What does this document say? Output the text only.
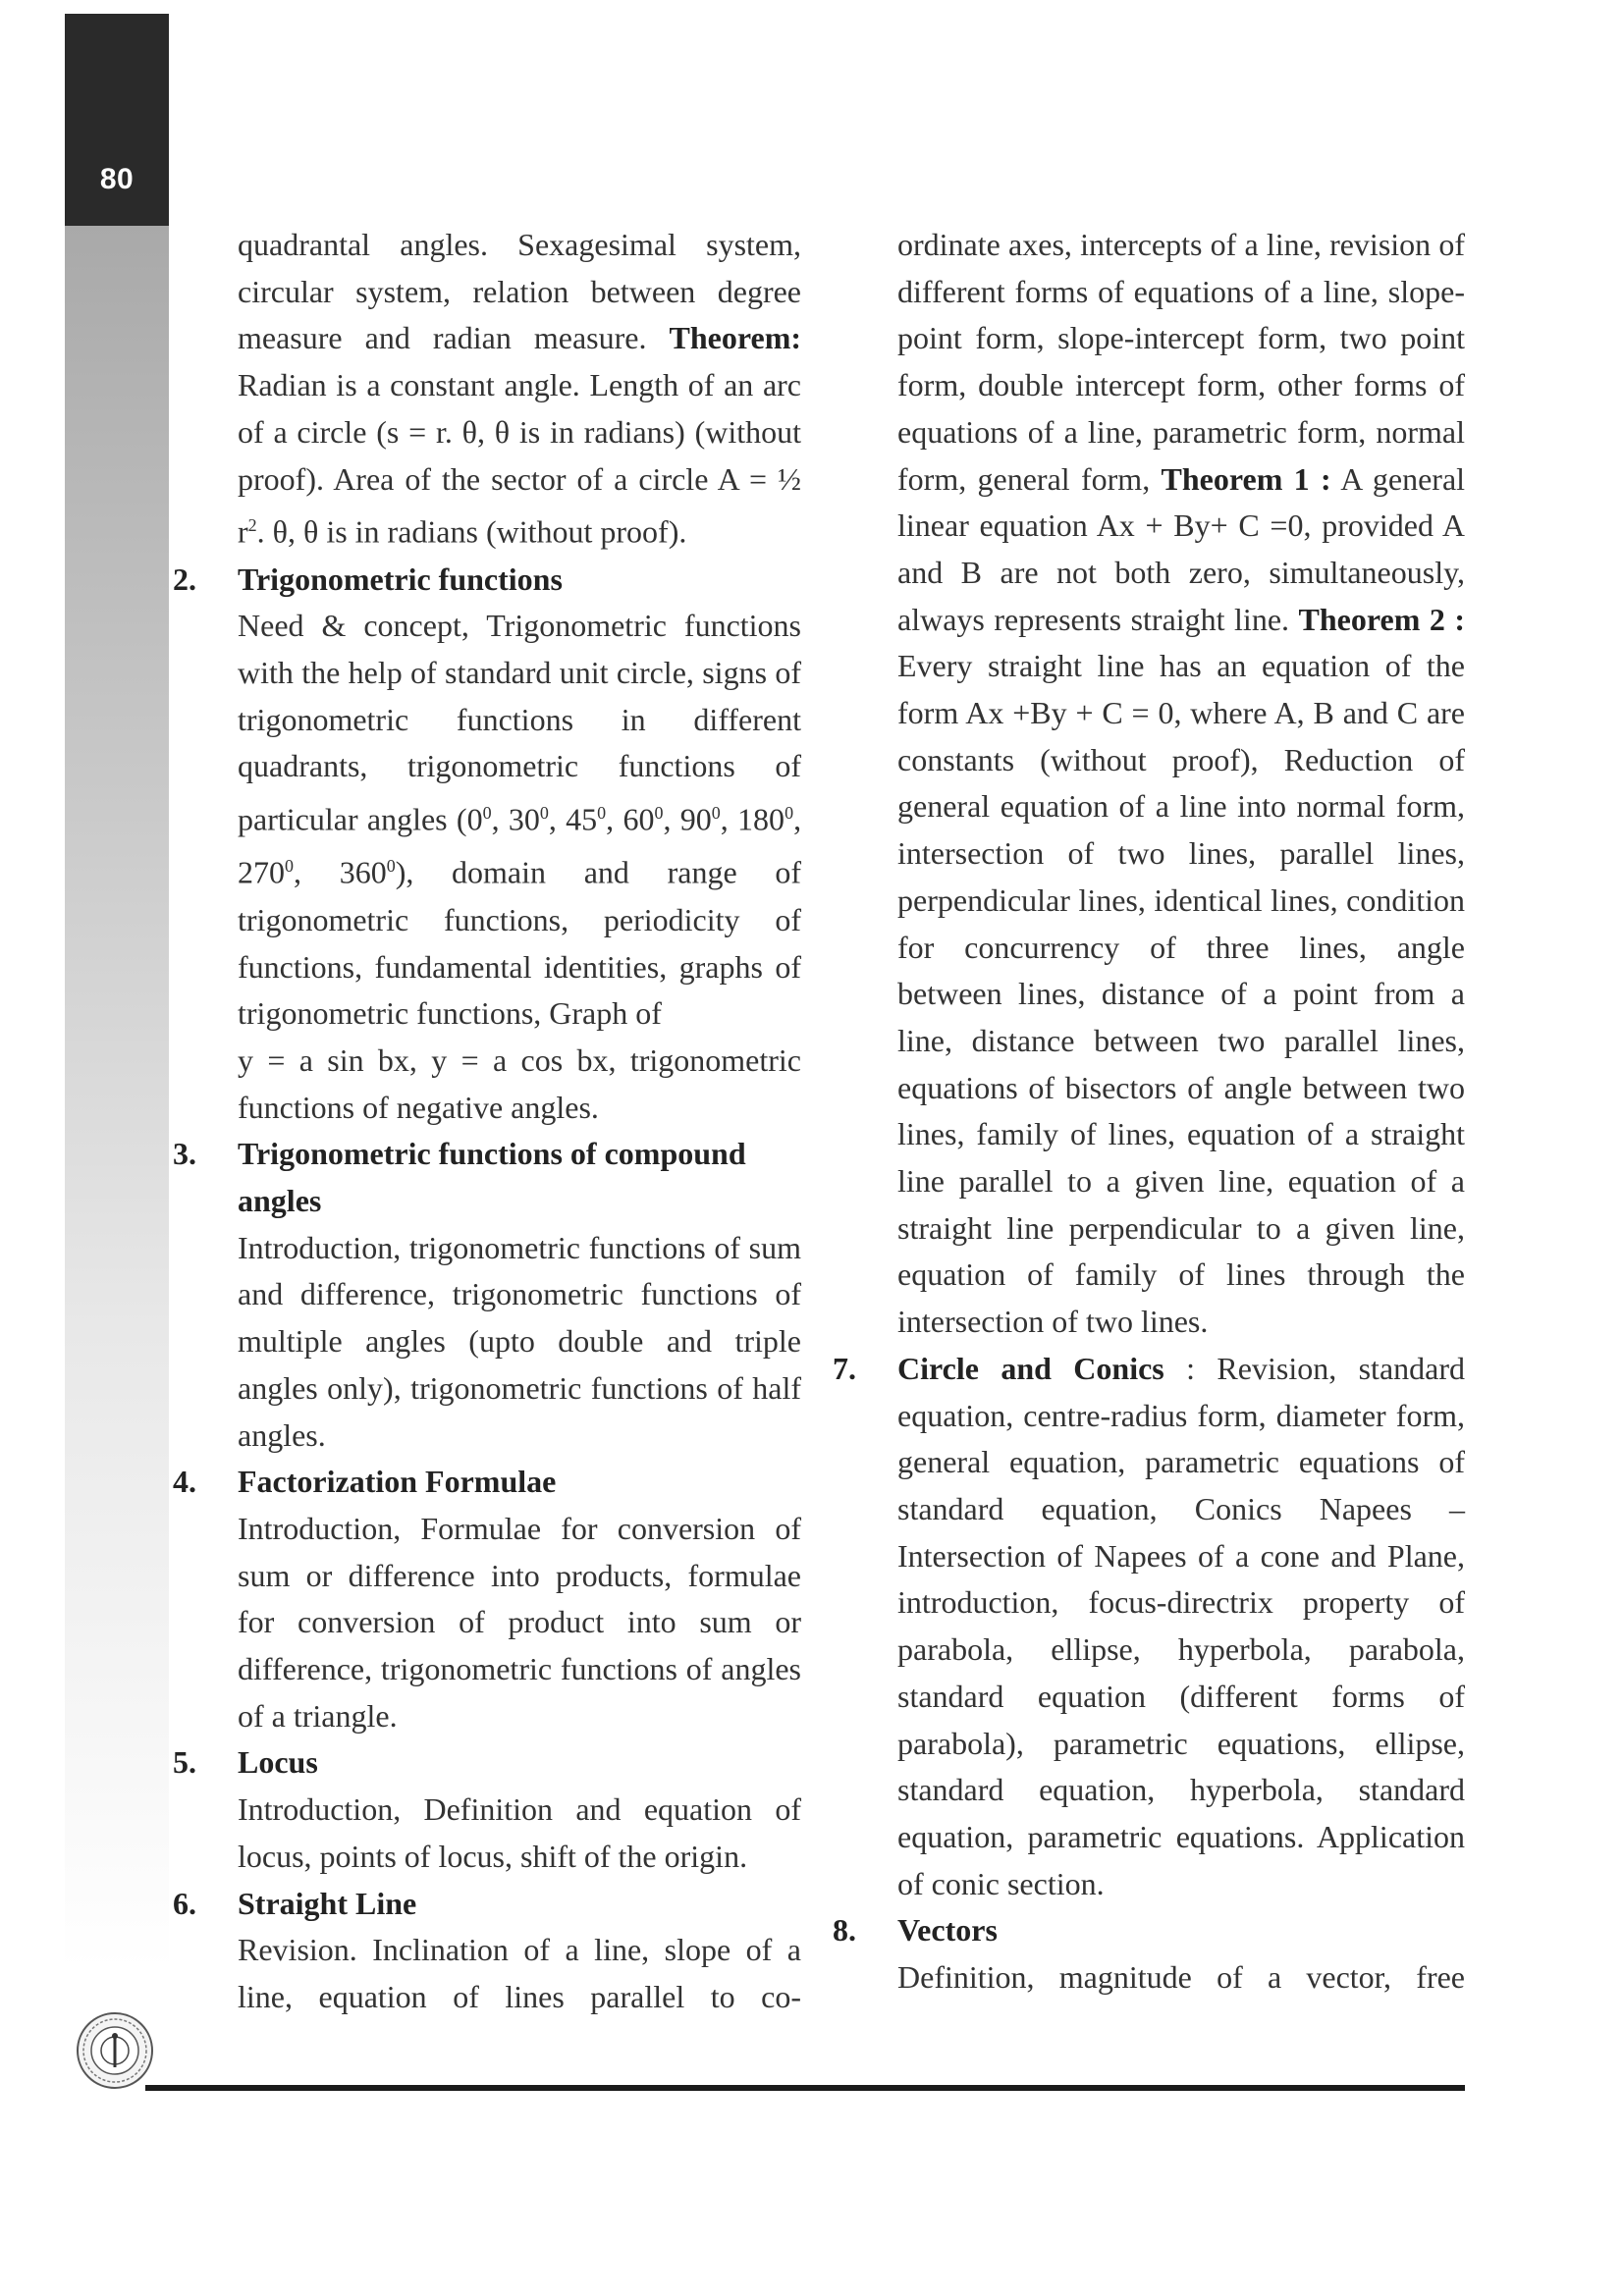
80

quadrantal angles. Sexagesimal system, circular system, relation between degree measure and radian measure. Theorem: Radian is a constant angle. Length of an arc of a circle (s = r. θ, θ is in radians) (without proof). Area of the sector of a circle A = ½ $r^2$. θ, θ is in radians (without proof).

2. Trigonometric functions

Need & concept, Trigonometric functions with the help of standard unit circle, signs of trigonometric functions in different quadrants, trigonometric functions of particular angles ($0^0$, $30^0$, $45^0$, $60^0$, $90^0$, $180^0$, $270^0$, $360^0$), domain and range of trigonometric functions, periodicity of functions, fundamental identities, graphs of trigonometric functions, Graph of

y = a sin bx, y = a cos bx, trigonometric functions of negative angles.

3. Trigonometric functions of compound angles

Introduction, trigonometric functions of sum and difference, trigonometric functions of multiple angles (upto double and triple angles only), trigonometric functions of half angles.

4. Factorization Formulae

Introduction, Formulae for conversion of sum or difference into products, formulae for conversion of product into sum or difference, trigonometric functions of angles of a triangle.

5. Locus

Introduction, Definition and equation of locus, points of locus, shift of the origin.

6. Straight Line

Revision. Inclination of a line, slope of a line, equation of lines parallel to co-

ordinate axes, intercepts of a line, revision of different forms of equations of a line, slope-point form, slope-intercept form, two point form, double intercept form, other forms of equations of a line, parametric form, normal form, general form, Theorem 1 : A general linear equation Ax + By+ C =0, provided A and B are not both zero, simultaneously, always represents straight line. Theorem 2 : Every straight line has an equation of the form Ax +By + C = 0, where A, B and C are constants (without proof), Reduction of general equation of a line into normal form, intersection of two lines, parallel lines, perpendicular lines, identical lines, condition for concurrency of three lines, angle between lines, distance of a point from a line, distance between two parallel lines, equations of bisectors of angle between two lines, family of lines, equation of a straight line parallel to a given line, equation of a straight line perpendicular to a given line, equation of family of lines through the intersection of two lines.

7. Circle and Conics : Revision, standard equation, centre-radius form, diameter form, general equation, parametric equations of standard equation, Conics Napees – Intersection of Napees of a cone and Plane, introduction, focus-directrix property of parabola, ellipse, hyperbola, parabola, standard equation (different forms of parabola), parametric equations, ellipse, standard equation, hyperbola, standard equation, parametric equations. Application of conic section.

8. Vectors

Definition, magnitude of a vector, free
